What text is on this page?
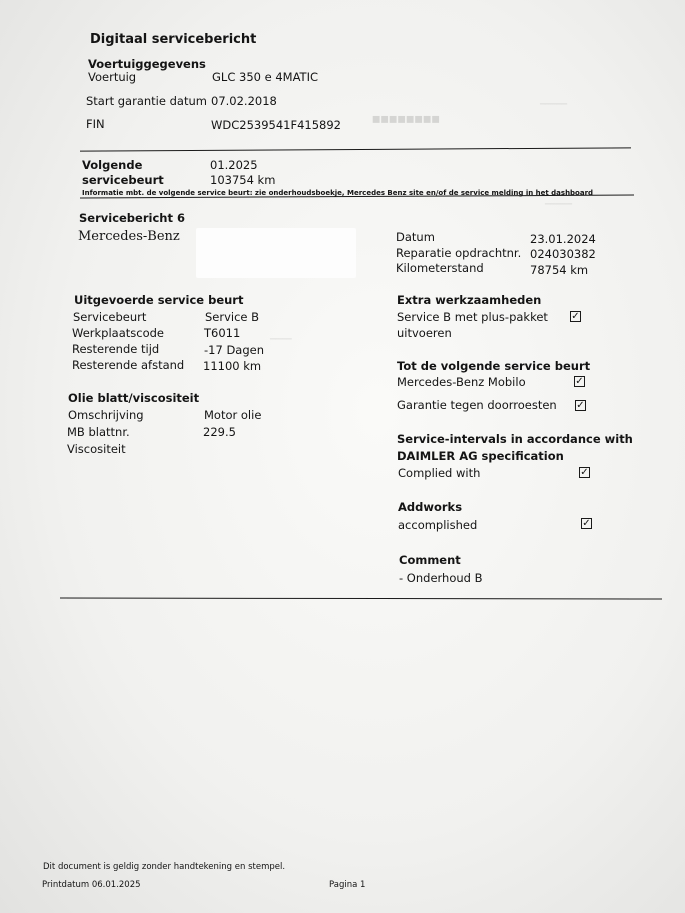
■■■■■■■■
─────
─────
────
Digitaal servicebericht
Voertuiggegevens
Voertuig	GLC 350 e 4MATIC
Start garantie datum 07.02.2018
FIN	WDC2539541F415892
Volgende	01.2025
servicebeurt	103754 km
Informatie mbt. de volgende service beurt: zie onderhoudsboekje, Mercedes Benz site en/of de service melding in het dashboard
Servicebericht 6
Mercedes-Benz	Datum	23.01.2024
Reparatie opdrachtnr. 024030382
Kilometerstand	78754 km
Uitgevoerde service beurt
Servicebeurt	Service B
Werkplaatscode	T6011
Resterende tijd	-17 Dagen
Resterende afstand 11100 km
Olie blatt/viscositeit
Omschrijving	Motor olie
MB blattnr.	229.5
Viscositeit
Extra werkzaamheden
Service B met plus-pakket ✓
uitvoeren
Tot de volgende service beurt
Mercedes-Benz Mobilo	✓
Garantie tegen doorroesten ✓
Service-intervals in accordance with
DAIMLER AG specification
Complied with	✓
Addworks
accomplished	✓
Comment
- Onderhoud B
Dit document is geldig zonder handtekening en stempel.
Printdatum 06.01.2025	Pagina 1
